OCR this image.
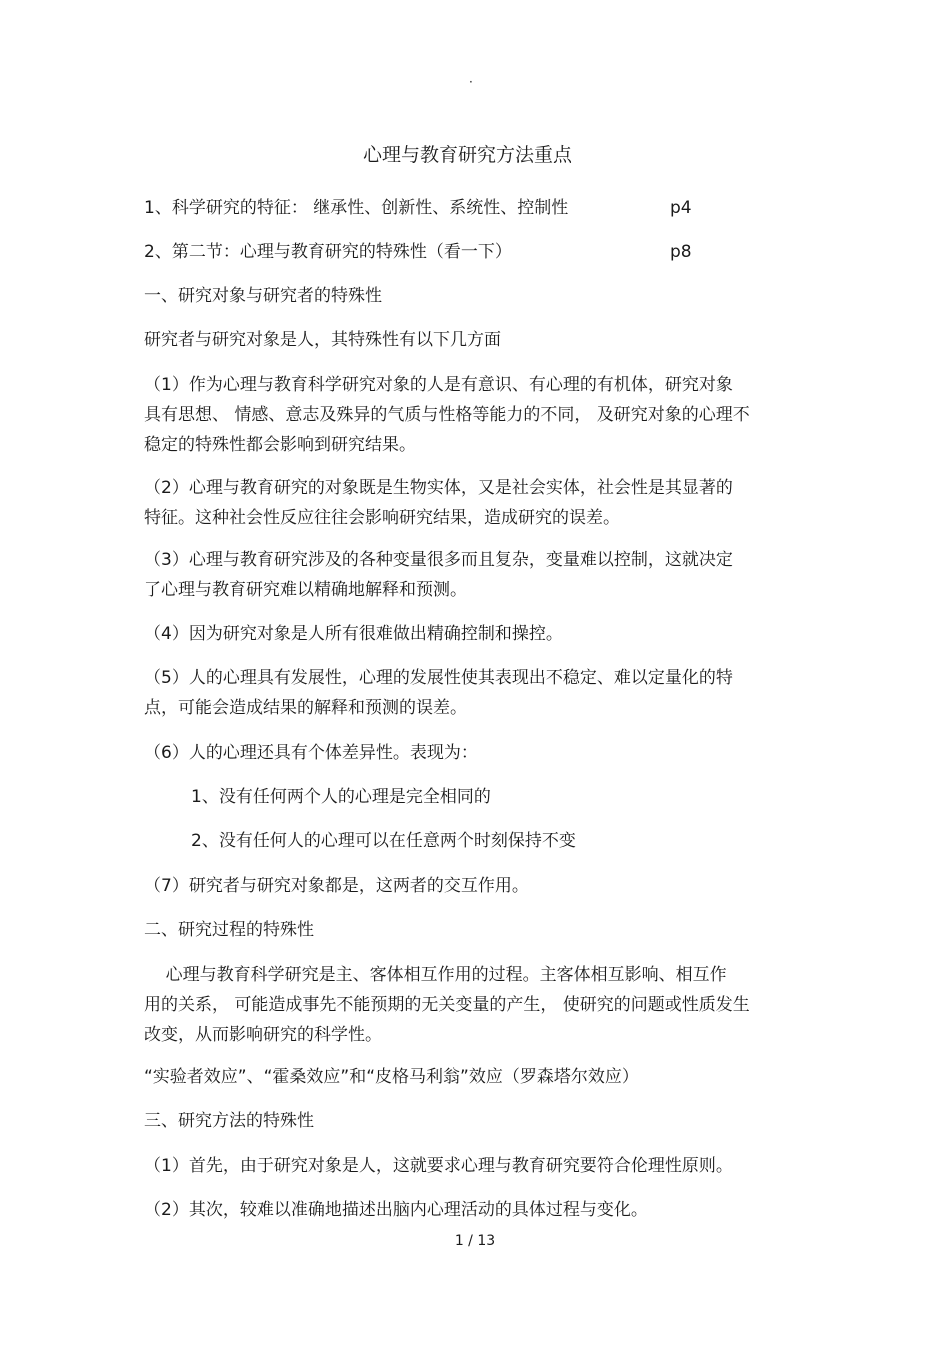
·
心理与教育研究方法重点
1、科学研究的特征： 继承性、创新性、系统性、控制性	p4
2、第二节：心理与教育研究的特殊性（看一下）	p8
一、研究对象与研究者的特殊性
研究者与研究对象是人，其特殊性有以下几方面
（1）作为心理与教育科学研究对象的人是有意识、有心理的有机体，研究对象
具有思想、 情感、意志及殊异的气质与性格等能力的不同， 及研究对象的心理不
稳定的特殊性都会影响到研究结果。
（2）心理与教育研究的对象既是生物实体，又是社会实体，社会性是其显著的
特征。这种社会性反应往往会影响研究结果，造成研究的误差。
（3）心理与教育研究涉及的各种变量很多而且复杂，变量难以控制，这就决定
了心理与教育研究难以精确地解释和预测。
（4）因为研究对象是人所有很难做出精确控制和操控。
（5）人的心理具有发展性，心理的发展性使其表现出不稳定、难以定量化的特
点，可能会造成结果的解释和预测的误差。
（6）人的心理还具有个体差异性。表现为：
1、没有任何两个人的心理是完全相同的
2、没有任何人的心理可以在任意两个时刻保持不变
（7）研究者与研究对象都是，这两者的交互作用。
二、研究过程的特殊性
心理与教育科学研究是主、客体相互作用的过程。主客体相互影响、相互作
用的关系， 可能造成事先不能预期的无关变量的产生， 使研究的问题或性质发生
改变，从而影响研究的科学性。
“实验者效应”、“霍桑效应”和“皮格马利翁”效应（罗森塔尔效应）
三、研究方法的特殊性
（1）首先，由于研究对象是人，这就要求心理与教育研究要符合伦理性原则。
（2）其次，较难以准确地描述出脑内心理活动的具体过程与变化。
1 / 13
